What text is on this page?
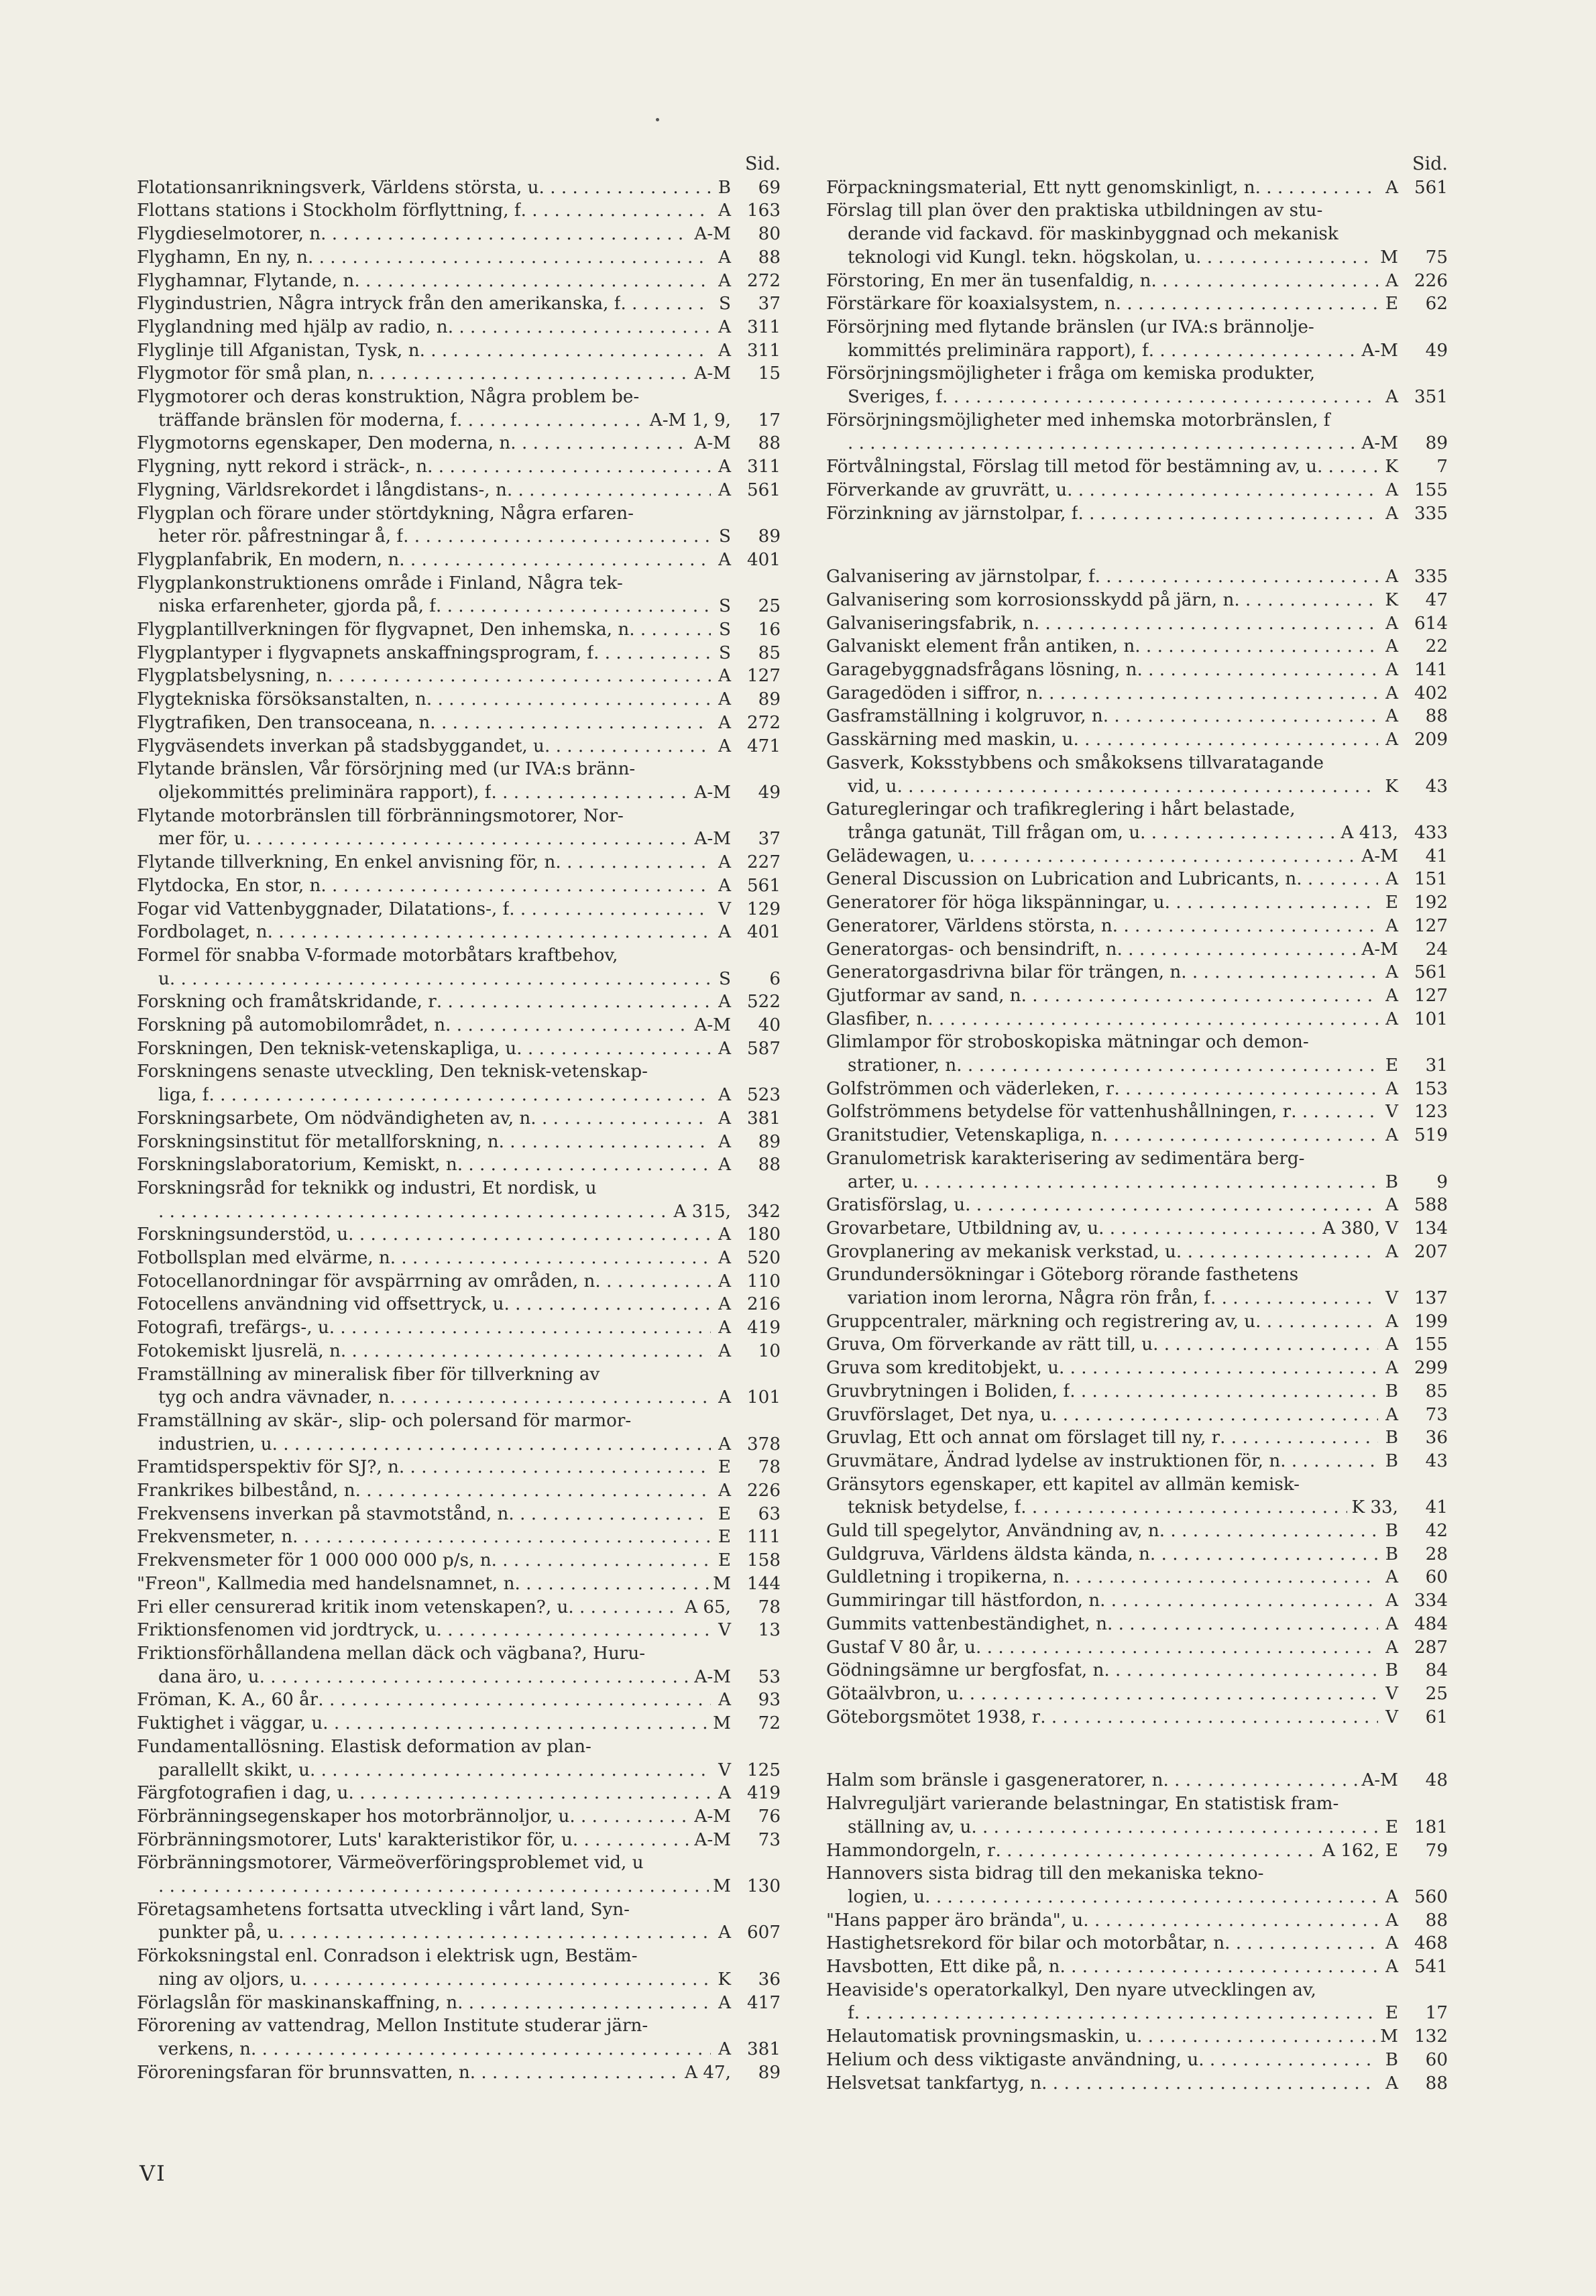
Sid.
Flotationsanrikningsverk, Världens största, u . . .	B 69
Flottans stations i Stockholm förflyttning, f . . .	A 163
Flygdieselmotorer, n . . .	A-M 80
Flyghamn, En ny, n . . .	A 88
Flyghamnar, Flytande, n . . .	A 272
Flygindustrien, Några intryck från den amerikanska, f . . .	S 37
Flyglandning med hjälp av radio, n . . .	A 311
Flyglinje till Afganistan, Tysk, n . . .	A 311
Flygmotor för små plan, n . . .	A-M 15
Flygmotorer och deras konstruktion, Några problem be-
träffande bränslen för moderna, f . . .	A-M 1, 9, 17
Flygmotorns egenskaper, Den moderna, n . . .	A-M 88
Flygning, nytt rekord i sträck-, n . . .	A 311
Flygning, Världsrekordet i långdistans-, n . . .	A 561
Flygplan och förare under störtdykning, Några erfaren-
heter rör. påfrestningar å, f . . .	S 89
Flygplanfabrik, En modern, n . . .	A 401
Flygplankonstruktionens område i Finland, Några tek-
niska erfarenheter, gjorda på, f . . .	S 25
Flygplantillverkningen för flygvapnet, Den inhemska, n . . .	S 16
Flygplantyper i flygvapnets anskaffningsprogram, f . . .	S 85
Flygplatsbelysning, n . . .	A 127
Flygtekniska försöksanstalten, n . . .	A 89
Flygtrafiken, Den transoceana, n . . .	A 272
Flygväsendets inverkan på stadsbyggandet, u . . .	A 471
Flytande bränslen, Vår försörjning med (ur IVA:s bränn-
oljekommittés preliminära rapport), f . . .	A-M 49
Flytande motorbränslen till förbränningsmotorer, Nor-
mer för, u . . .	A-M 37
Flytande tillverkning, En enkel anvisning för, n . . .	A 227
Flytdocka, En stor, n . . .	A 561
Fogar vid Vattenbyggnader, Dilatations-, f . . .	V 129
Fordbolaget, n . . .	A 401
Formel för snabba V-formade motorbåtars kraftbehov,
u . . .	S 6
Forskning och framåtskridande, r . . .	A 522
Forskning på automobilområdet, n . . .	A-M 40
Forskningen, Den teknisk-vetenskapliga, u . . .	A 587
Forskningens senaste utveckling, Den teknisk-vetenskap-
liga, f . . .	A 523
Forskningsarbete, Om nödvändigheten av, n . . .	A 381
Forskningsinstitut för metallforskning, n . . .	A 89
Forskningslaboratorium, Kemiskt, n . . .	A 88
Forskningsråd for teknikk og industri, Et nordisk, u
. . .
A 315, 342
Forskningsunderstöd, u . . .	A 180
Fotbollsplan med elvärme, n . . .	A 520
Fotocellanordningar för avspärrning av områden, n . . .	A 110
Fotocellens användning vid offsettryck, u . . .	A 216
Fotografi, trefärgs-, u . . .	A 419
Fotokemiskt ljusrelä, n . . .	A 10
Framställning av mineralisk fiber för tillverkning av
tyg och andra vävnader, n . . .	A 101
Framställning av skär-, slip- och polersand för marmor-
industrien, u . . .	A 378
Framtidsperspektiv för SJ?, n . . .	E 78
Frankrikes bilbestånd, n . . .	A 226
Frekvensens inverkan på stavmotstånd, n . . .	E 63
Frekvensmeter, n . . .	E 111
Frekvensmeter för 1 000 000 000 p/s, n . . .	E 158
"Freon", Kallmedia med handelsnamnet, n . . .	M 144
Fri eller censurerad kritik inom vetenskapen?, u . . .	A 65, 78
Friktionsfenomen vid jordtryck, u . . .	V 13
Friktionsförhållandena mellan däck och vägbana?, Huru-
dana äro, u . . .	A-M 53
Fröman, K. A., 60 år . . .	A 93
Fuktighet i väggar, u . . .	M 72
Fundamentallösning. Elastisk deformation av plan-
parallellt skikt, u . . .	V 125
Färgfotografien i dag, u . . .	A 419
Förbränningsegenskaper hos motorbrännoljor, u . . .	A-M 76
Förbränningsmotorer, Luts' karakteristikor för, u . . .	A-M 73
Förbränningsmotorer, Värmeöverföringsproblemet vid, u
. . .
M 130
Företagsamhetens fortsatta utveckling i vårt land, Syn-
punkter på, u . . .	A 607
Förkoksningstal enl. Conradson i elektrisk ugn, Bestäm-
ning av oljors, u . . .	K 36
Förlagslån för maskinanskaffning, n . . .	A 417
Förorening av vattendrag, Mellon Institute studerar järn-
verkens, n . . .	A 381
Föroreningsfaran för brunnsvatten, n . . .	A 47, 89
Sid.
Förpackningsmaterial, Ett nytt genomskinligt, n . . .	A 561
Förslag till plan över den praktiska utbildningen av stu-
derande vid fackavd. för maskinbyggnad och mekanisk
teknologi vid Kungl. tekn. högskolan, u . . .	M 75
Förstoring, En mer än tusenfaldig, n . . .	A 226
Förstärkare för koaxialsystem, n . . .	E 62
Försörjning med flytande bränslen (ur IVA:s brännolje-
kommittés preliminära rapport), f . . .	A-M 49
Försörjningsmöjligheter i fråga om kemiska produkter,
Sveriges, f . . .	A 351
Försörjningsmöjligheter med inhemska motorbränslen, f
. . .
A-M 89
Förtvålningstal, Förslag till metod för bestämning av, u . . .	K 7
Förverkande av gruvrätt, u . . .	A 155
Förzinkning av järnstolpar, f . . .	A 335
Galvanisering av järnstolpar, f . . .	A 335
Galvanisering som korrosionsskydd på järn, n . . .	K 47
Galvaniseringsfabrik, n . . .	A 614
Galvaniskt element från antiken, n . . .	A 22
Garagebyggnadsfrågans lösning, n . . .	A 141
Garagedöden i siffror, n . . .	A 402
Gasframställning i kolgruvor, n . . .	A 88
Gasskärning med maskin, u . . .	A 209
Gasverk, Koksstybbens och småkoksens tillvaratagande
vid, u . . .	K 43
Gaturegleringar och trafikreglering i hårt belastade,
trånga gatunät, Till frågan om, u . . .	A 413, 433
Gelädewagen, u . . .	A-M 41
General Discussion on Lubrication and Lubricants, n . . .	A 151
Generatorer för höga likspänningar, u . . .	E 192
Generatorer, Världens största, n . . .	A 127
Generatorgas- och bensindrift, n . . .	A-M 24
Generatorgasdrivna bilar för trängen, n . . .	A 561
Gjutformar av sand, n . . .	A 127
Glasfiber, n . . .	A 101
Glimlampor för stroboskopiska mätningar och demon-
strationer, n . . .	E 31
Golfströmmen och väderleken, r . . .	A 153
Golfströmmens betydelse för vattenhushållningen, r . . .	V 123
Granitstudier, Vetenskapliga, n . . .	A 519
Granulometrisk karakterisering av sedimentära berg-
arter, u . . .	B 9
Gratisförslag, u . . .	A 588
Grovarbetare, Utbildning av, u . . .	A 380, V 134
Grovplanering av mekanisk verkstad, u . . .	A 207
Grundundersökningar i Göteborg rörande fasthetens
variation inom lerorna, Några rön från, f . . .	V 137
Gruppcentraler, märkning och registrering av, u . . .	A 199
Gruva, Om förverkande av rätt till, u . . .	A 155
Gruva som kreditobjekt, u . . .	A 299
Gruvbrytningen i Boliden, f . . .	B 85
Gruvförslaget, Det nya, u . . .	A 73
Gruvlag, Ett och annat om förslaget till ny, r . . .	B 36
Gruvmätare, Ändrad lydelse av instruktionen för, n . . .	B 43
Gränsytors egenskaper, ett kapitel av allmän kemisk-
teknisk betydelse, f . . .	K 33, 41
Guld till spegelytor, Användning av, n . . .	B 42
Guldgruva, Världens äldsta kända, n . . .	B 28
Guldletning i tropikerna, n . . .	A 60
Gummiringar till hästfordon, n . . .	A 334
Gummits vattenbeständighet, n . . .	A 484
Gustaf V 80 år, u . . .	A 287
Gödningsämne ur bergfosfat, n . . .	B 84
Götaälvbron, u . . .	V 25
Göteborgsmötet 1938, r . . .	V 61
Halm som bränsle i gasgeneratorer, n . . .	A-M 48
Halvreguljärt varierande belastningar, En statistisk fram-
ställning av, u . . .	E 181
Hammondorgeln, r . . .	A 162, E 79
Hannovers sista bidrag till den mekaniska tekno-
logien, u . . .	A 560
"Hans papper äro brända", u . . .	A 88
Hastighetsrekord för bilar och motorbåtar, n . . .	A 468
Havsbotten, Ett dike på, n . . .	A 541
Heaviside's operatorkalkyl, Den nyare utvecklingen av,
f . . .	E 17
Helautomatisk provningsmaskin, u . . .	M 132
Helium och dess viktigaste användning, u . . .	B 60
Helsvetsat tankfartyg, n . . .	A 88
VI
